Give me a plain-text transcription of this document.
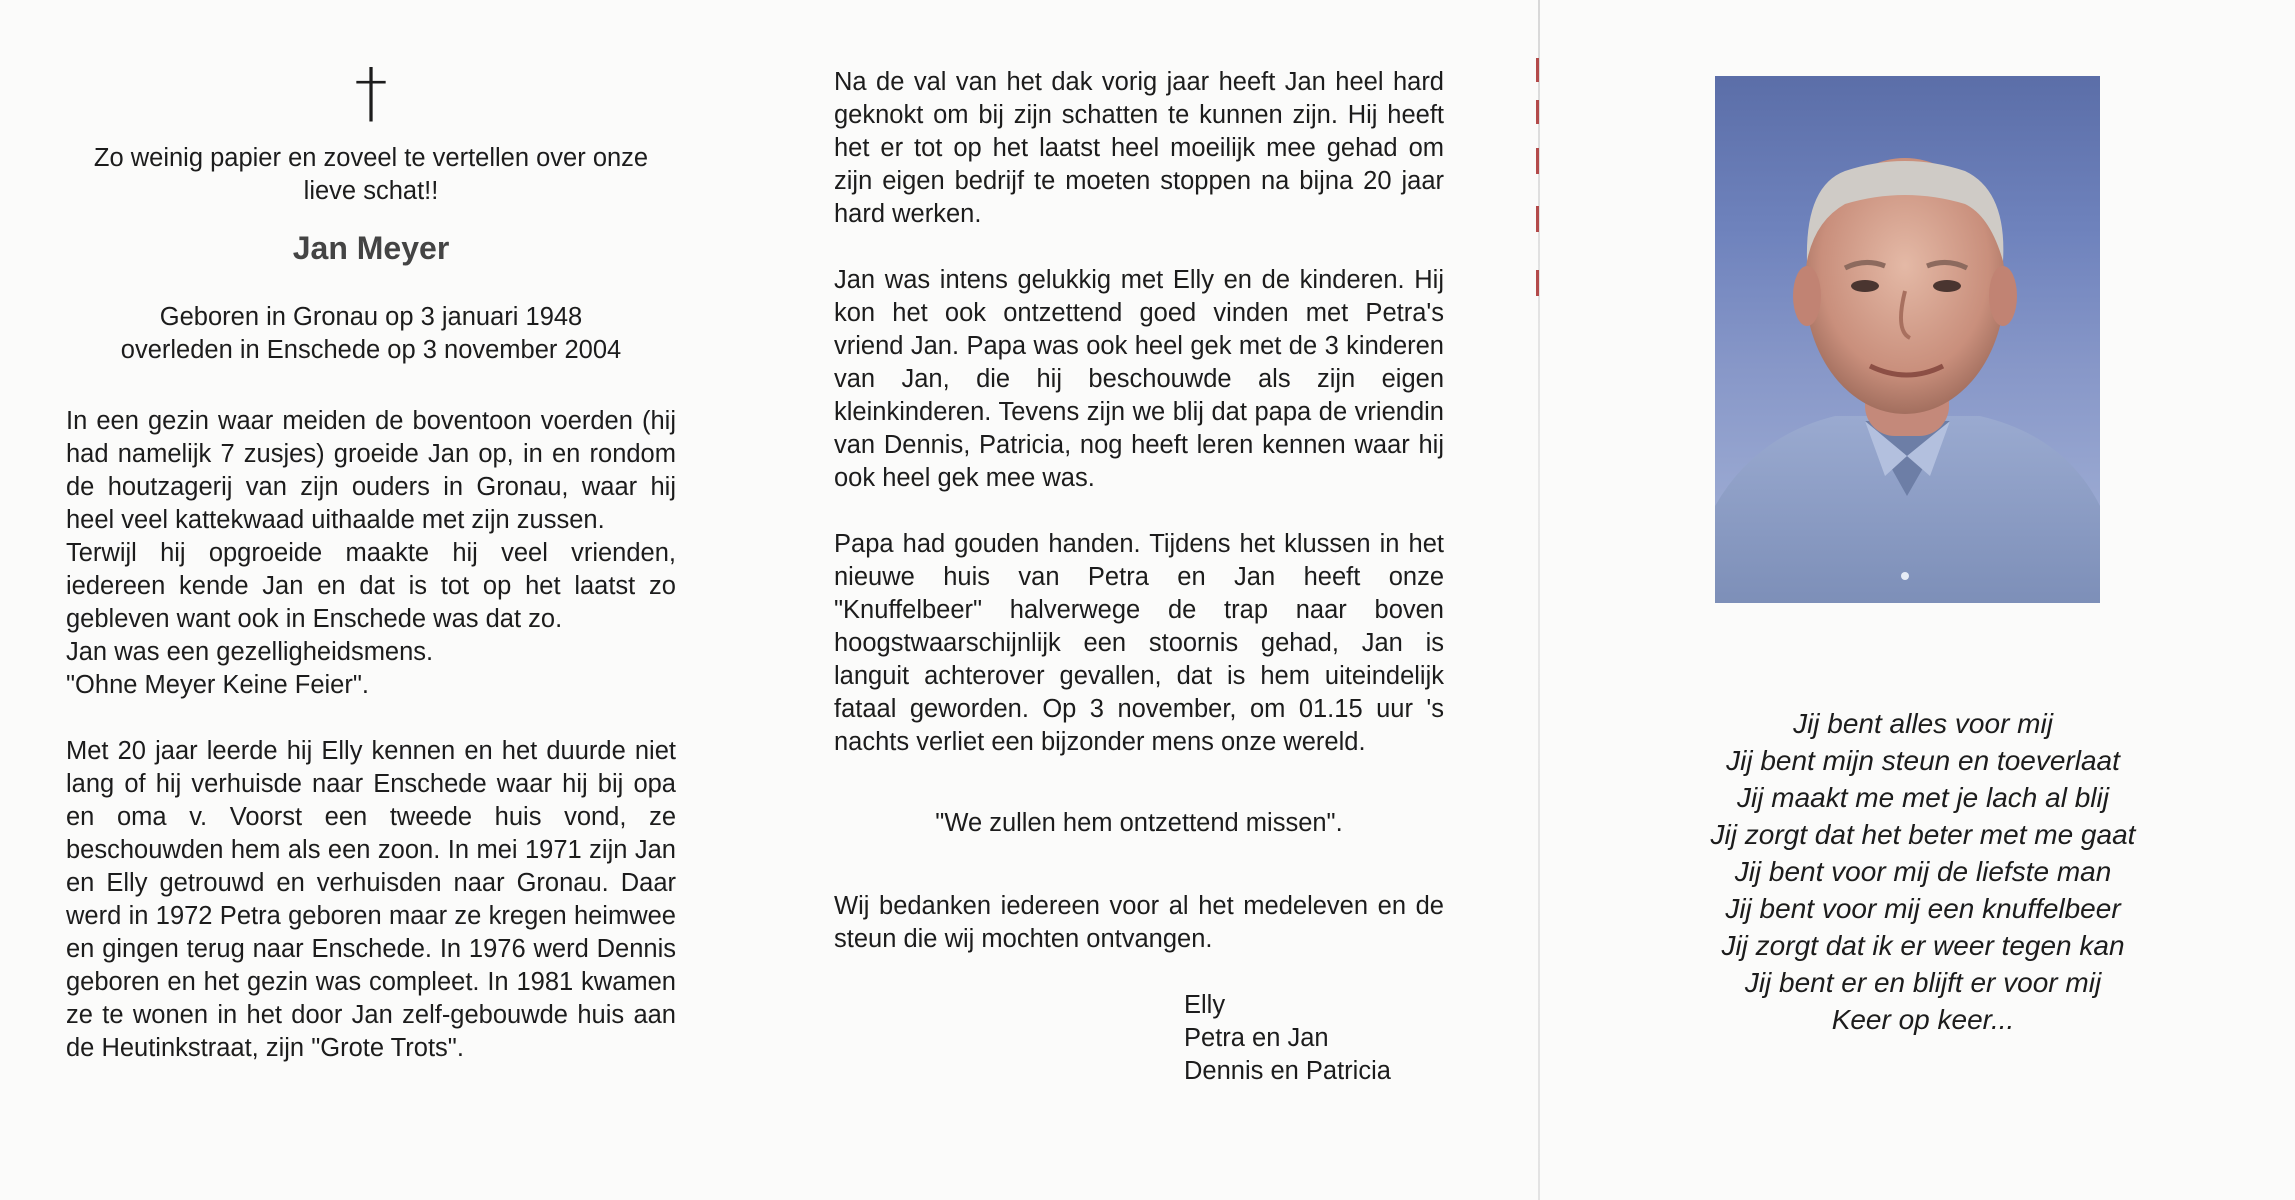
†
Zo weinig papier en zoveel te vertellen over onze lieve schat!!
Jan Meyer
Geboren in Gronau op 3 januari 1948
overleden in Enschede op 3 november 2004

In een gezin waar meiden de boventoon voerden (hij had namelijk 7 zusjes) groeide Jan op, in en rondom de houtzagerij van zijn ouders in Gronau, waar hij heel veel kattekwaad uithaalde met zijn zussen.
Terwijl hij opgroeide maakte hij veel vrienden, iedereen kende Jan en dat is tot op het laatst zo gebleven want ook in Enschede was dat zo.
Jan was een gezelligheidsmens.
"Ohne Meyer Keine Feier".

Met 20 jaar leerde hij Elly kennen en het duurde niet lang of hij verhuisde naar Enschede waar hij bij opa en oma v. Voorst een tweede huis vond, ze beschouwden hem als een zoon. In mei 1971 zijn Jan en Elly getrouwd en verhuisden naar Gronau. Daar werd in 1972 Petra geboren maar ze kregen heimwee en gingen terug naar Enschede. In 1976 werd Dennis geboren en het gezin was compleet. In 1981 kwamen ze te wonen in het door Jan zelf-gebouwde huis aan de Heutinkstraat, zijn "Grote Trots".

Na de val van het dak vorig jaar heeft Jan heel hard geknokt om bij zijn schatten te kunnen zijn. Hij heeft het er tot op het laatst heel moeilijk mee gehad om zijn eigen bedrijf te moeten stoppen na bijna 20 jaar hard werken.

Jan was intens gelukkig met Elly en de kinderen. Hij kon het ook ontzettend goed vinden met Petra's vriend Jan. Papa was ook heel gek met de 3 kinderen van Jan, die hij beschouwde als zijn eigen kleinkinderen. Tevens zijn we blij dat papa de vriendin van Dennis, Patricia, nog heeft leren kennen waar hij ook heel gek mee was.

Papa had gouden handen. Tijdens het klussen in het nieuwe huis van Petra en Jan heeft onze "Knuffelbeer" halverwege de trap naar boven hoogstwaarschijnlijk een stoornis gehad, Jan is languit achterover gevallen, dat is hem uiteindelijk fataal geworden. Op 3 november, om 01.15 uur 's nachts verliet een bijzonder mens onze wereld.

"We zullen hem ontzettend missen".

Wij bedanken iedereen voor al het medeleven en de steun die wij mochten ontvangen.

Elly
Petra en Jan
Dennis en Patricia
Jij bent alles voor mij
Jij bent mijn steun en toeverlaat
Jij maakt me met je lach al blij
Jij zorgt dat het beter met me gaat
Jij bent voor mij de liefste man
Jij bent voor mij een knuffelbeer
Jij zorgt dat ik er weer tegen kan
Jij bent er en blijft er voor mij
Keer op keer...
